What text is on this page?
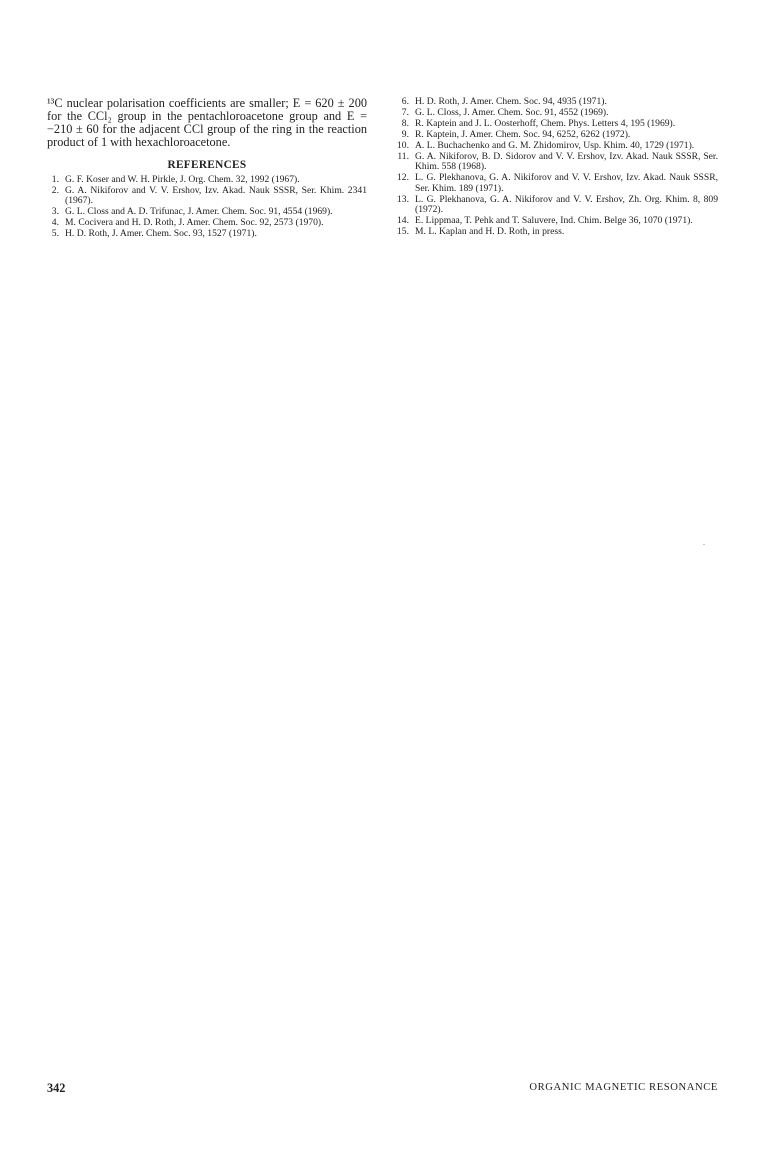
¹³C nuclear polarisation coefficients are smaller; E = 620 ± 200 for the CCl₂ group in the pentachloroacetone group and E = −210 ± 60 for the adjacent CCl group of the ring in the reaction product of 1 with hexachloroacetone.

REFERENCES
1. G. F. Koser and W. H. Pirkle, J. Org. Chem. 32, 1992 (1967).
2. G. A. Nikiforov and V. V. Ershov, Izv. Akad. Nauk SSSR, Ser. Khim. 2341 (1967).
3. G. L. Closs and A. D. Trifunac, J. Amer. Chem. Soc. 91, 4554 (1969).
4. M. Cocivera and H. D. Roth, J. Amer. Chem. Soc. 92, 2573 (1970).
5. H. D. Roth, J. Amer. Chem. Soc. 93, 1527 (1971).
6. H. D. Roth, J. Amer. Chem. Soc. 94, 4935 (1971).
7. G. L. Closs, J. Amer. Chem. Soc. 91, 4552 (1969).
8. R. Kaptein and J. L. Oosterhoff, Chem. Phys. Letters 4, 195 (1969).
9. R. Kaptein, J. Amer. Chem. Soc. 94, 6252, 6262 (1972).
10. A. L. Buchachenko and G. M. Zhidomirov, Usp. Khim. 40, 1729 (1971).
11. G. A. Nikiforov, B. D. Sidorov and V. V. Ershov, Izv. Akad. Nauk SSSR, Ser. Khim. 558 (1968).
12. L. G. Plekhanova, G. A. Nikiforov and V. V. Ershov, Izv. Akad. Nauk SSSR, Ser. Khim. 189 (1971).
13. L. G. Plekhanova, G. A. Nikiforov and V. V. Ershov, Zh. Org. Khim. 8, 809 (1972).
14. E. Lippmaa, T. Pehk and T. Saluvere, Ind. Chim. Belge 36, 1070 (1971).
15. M. L. Kaplan and H. D. Roth, in press.
342	ORGANIC MAGNETIC RESONANCE
